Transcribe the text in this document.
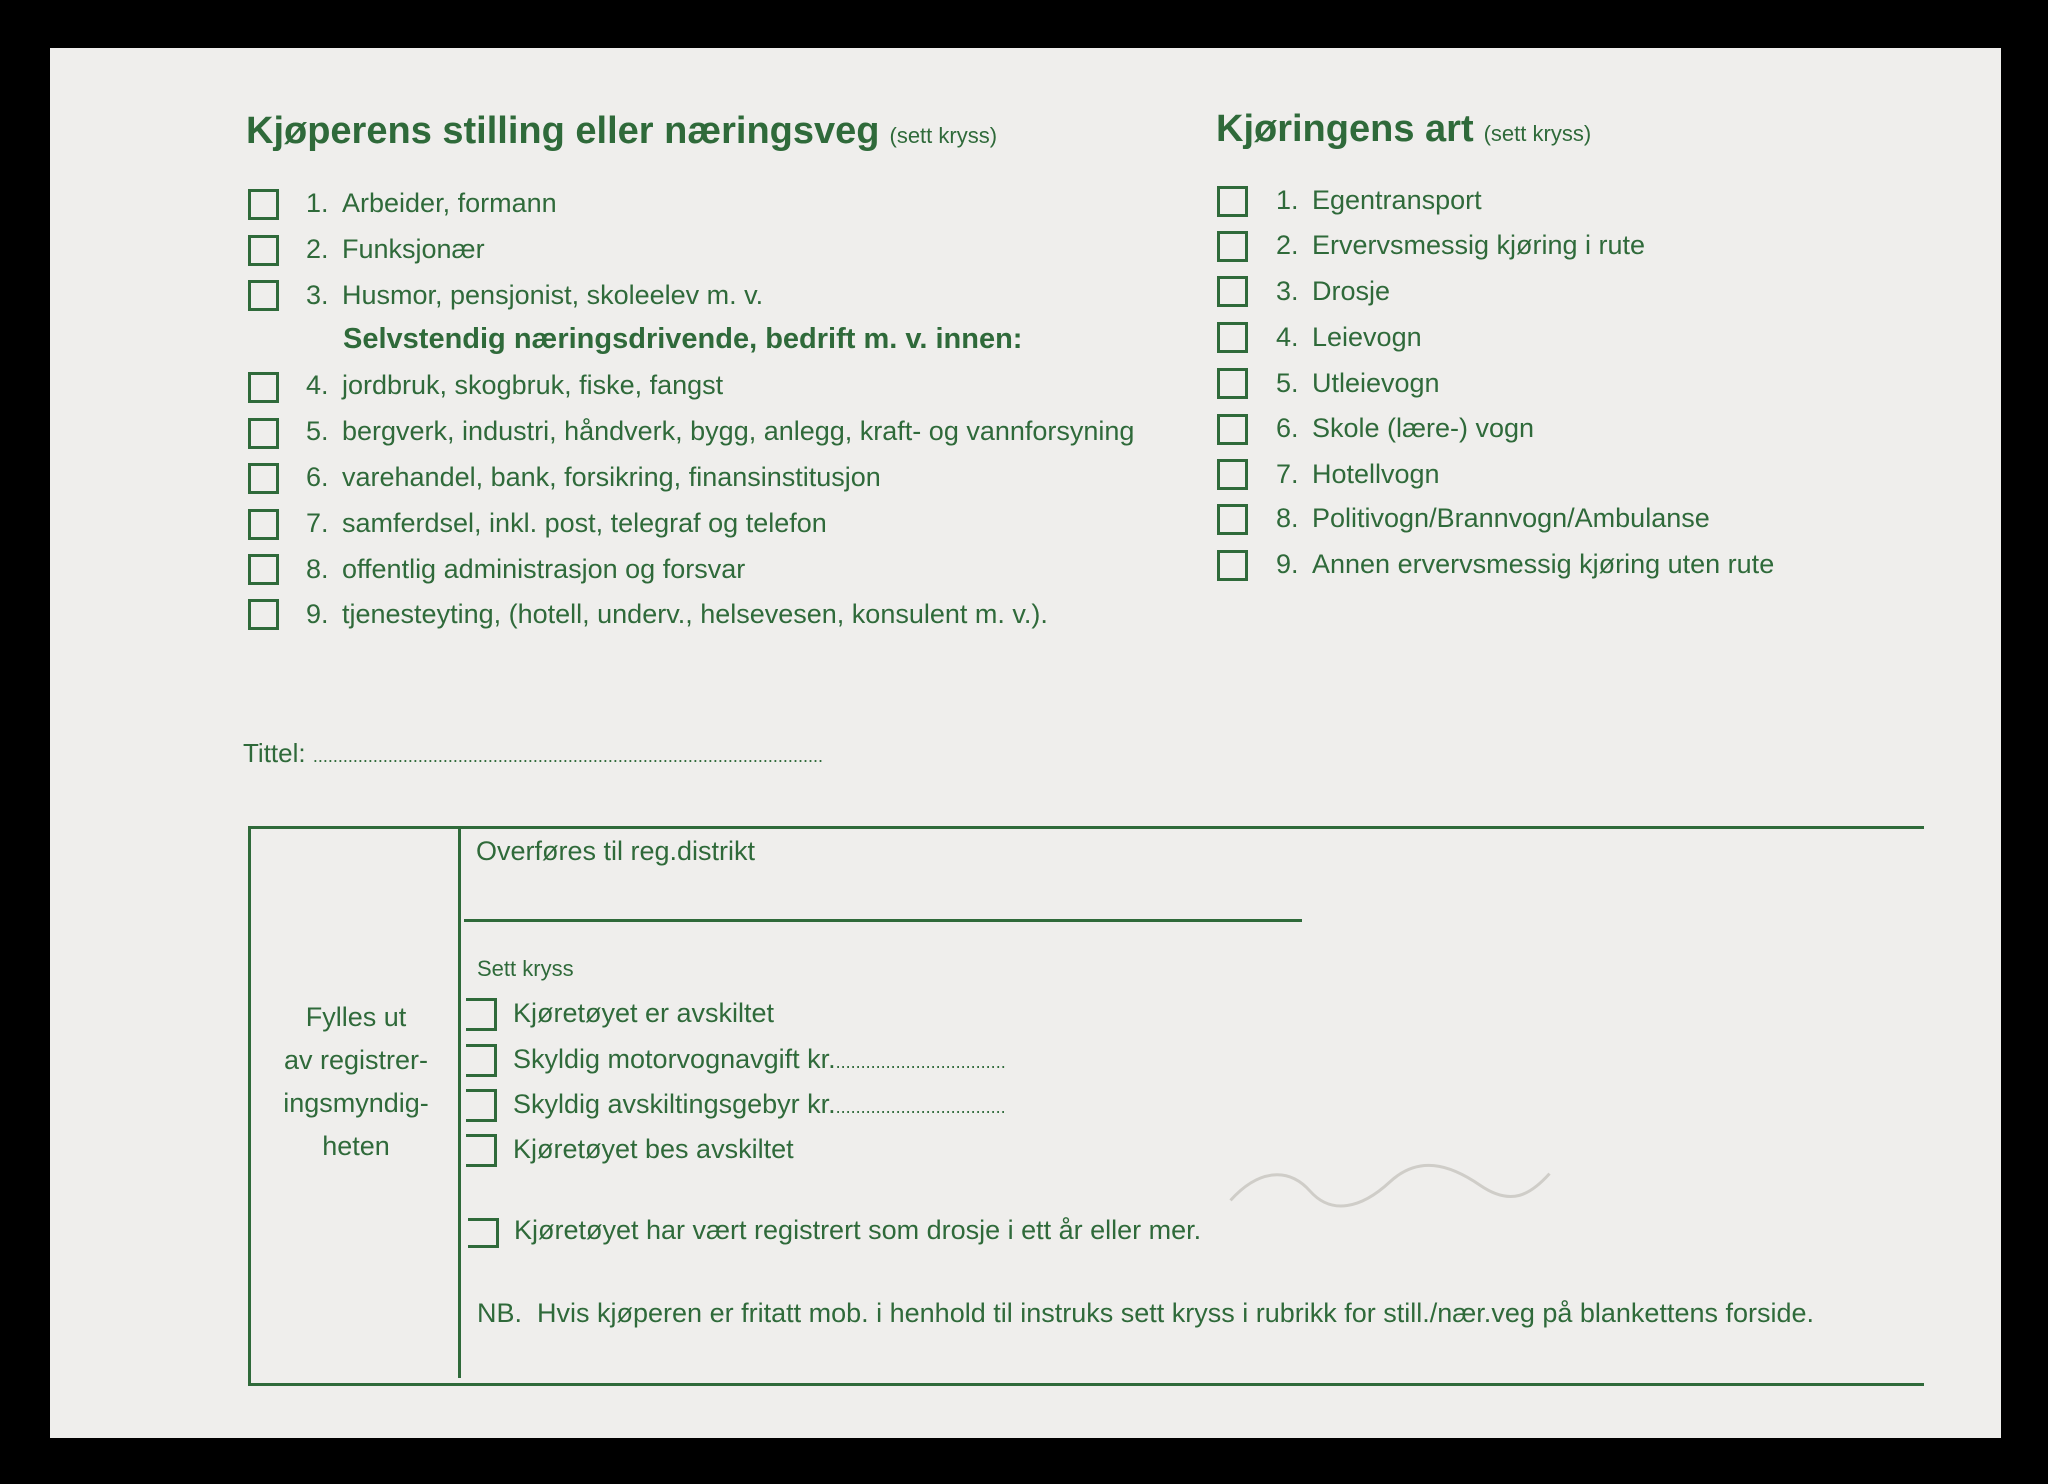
Kjøperens stilling eller næringsveg (sett kryss)	Kjøringens art (sett kryss)
1. Arbeider, formann
2. Funksjonær
3. Husmor, pensjonist, skoleelev m. v.
Selvstendig næringsdrivende, bedrift m. v. innen:
4. jordbruk, skogbruk, fiske, fangst
5. bergverk, industri, håndverk, bygg, anlegg, kraft- og vannforsyning
6. varehandel, bank, forsikring, finansinstitusjon
7. samferdsel, inkl. post, telegraf og telefon
8. offentlig administrasjon og forsvar
9. tjenesteyting, (hotell, underv., helsevesen, konsulent m. v.).
1. Egentransport
2. Ervervsmessig kjøring i rute
3. Drosje
4. Leievogn
5. Utleievogn
6. Skole (lære-) vogn
7. Hotellvogn
8. Politivogn/Brannvogn/Ambulanse
9. Annen ervervsmessig kjøring uten rute
Tittel: ......................................................................................................
Fylles ut
av registrer-
ingsmyndig-
heten
Overføres til reg.distrikt
Sett kryss
Kjøretøyet er avskiltet
Skyldig motorvognavgift kr...................................
Skyldig avskiltingsgebyr kr...................................
Kjøretøyet bes avskiltet
Kjøretøyet har vært registrert som drosje i ett år eller mer.
NB. Hvis kjøperen er fritatt mob. i henhold til instruks sett kryss i rubrikk for still./nær.veg på blankettens forside.
